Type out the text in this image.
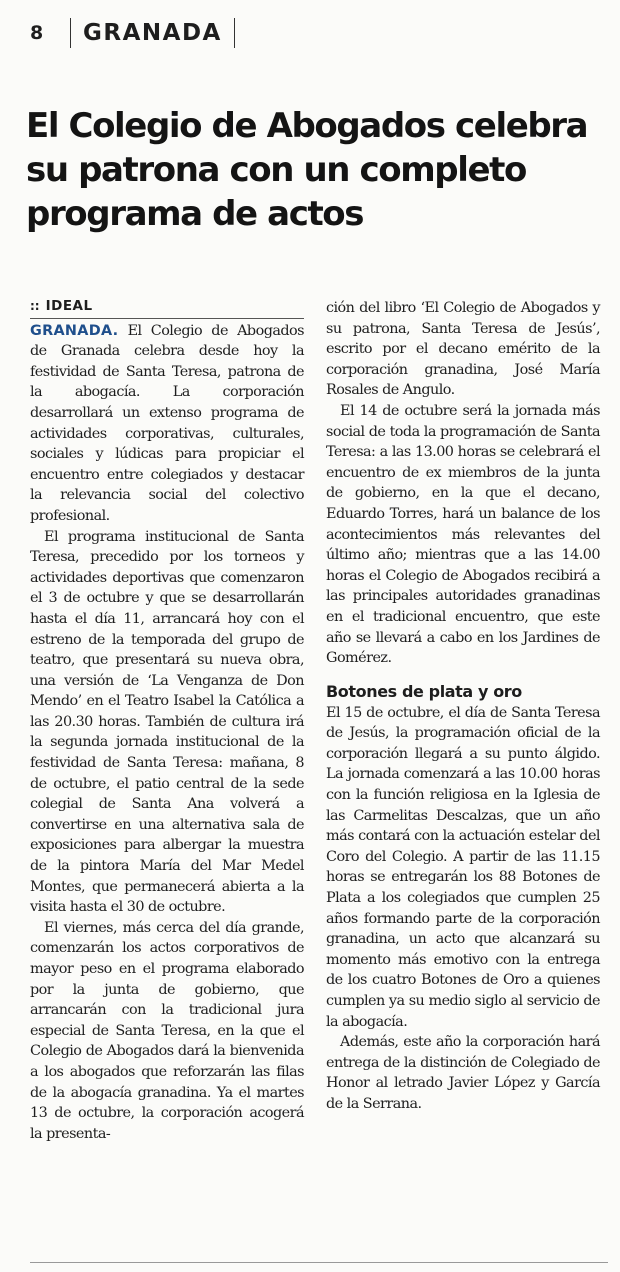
8	GRANADA
El Colegio de Abogados celebra su patrona con un completo programa de actos
:: IDEAL

GRANADA. El Colegio de Abogados de Granada celebra desde hoy la festividad de Santa Teresa, patrona de la abogacía. La corporación desarrollará un extenso programa de actividades corporativas, culturales, sociales y lúdicas para propiciar el encuentro entre colegiados y destacar la relevancia social del colectivo profesional.

El programa institucional de Santa Teresa, precedido por los torneos y actividades deportivas que comenzaron el 3 de octubre y que se desarrollarán hasta el día 11, arrancará hoy con el estreno de la temporada del grupo de teatro, que presentará su nueva obra, una versión de ‘La Venganza de Don Mendo’ en el Teatro Isabel la Católica a las 20.30 horas. También de cultura irá la segunda jornada institucional de la festividad de Santa Teresa: mañana, 8 de octubre, el patio central de la sede colegial de Santa Ana volverá a convertirse en una alternativa sala de exposiciones para albergar la muestra de la pintora María del Mar Medel Montes, que permanecerá abierta a la visita hasta el 30 de octubre.

El viernes, más cerca del día grande, comenzarán los actos corporativos de mayor peso en el programa elaborado por la junta de gobierno, que arrancarán con la tradicional jura especial de Santa Teresa, en la que el Colegio de Abogados dará la bienvenida a los abogados que reforzarán las filas de la abogacía granadina. Ya el martes 13 de octubre, la corporación acogerá la presenta-

ción del libro ‘El Colegio de Abogados y su patrona, Santa Teresa de Jesús’, escrito por el decano emérito de la corporación granadina, José María Rosales de Angulo.

El 14 de octubre será la jornada más social de toda la programación de Santa Teresa: a las 13.00 horas se celebrará el encuentro de ex miembros de la junta de gobierno, en la que el decano, Eduardo Torres, hará un balance de los acontecimientos más relevantes del último año; mientras que a las 14.00 horas el Colegio de Abogados recibirá a las principales autoridades granadinas en el tradicional encuentro, que este año se llevará a cabo en los Jardines de Gomérez.

Botones de plata y oro

El 15 de octubre, el día de Santa Teresa de Jesús, la programación oficial de la corporación llegará a su punto álgido. La jornada comenzará a las 10.00 horas con la función religiosa en la Iglesia de las Carmelitas Descalzas, que un año más contará con la actuación estelar del Coro del Colegio. A partir de las 11.15 horas se entregarán los 88 Botones de Plata a los colegiados que cumplen 25 años formando parte de la corporación granadina, un acto que alcanzará su momento más emotivo con la entrega de los cuatro Botones de Oro a quienes cumplen ya su medio siglo al servicio de la abogacía.

Además, este año la corporación hará entrega de la distinción de Colegiado de Honor al letrado Javier López y García de la Serrana.
